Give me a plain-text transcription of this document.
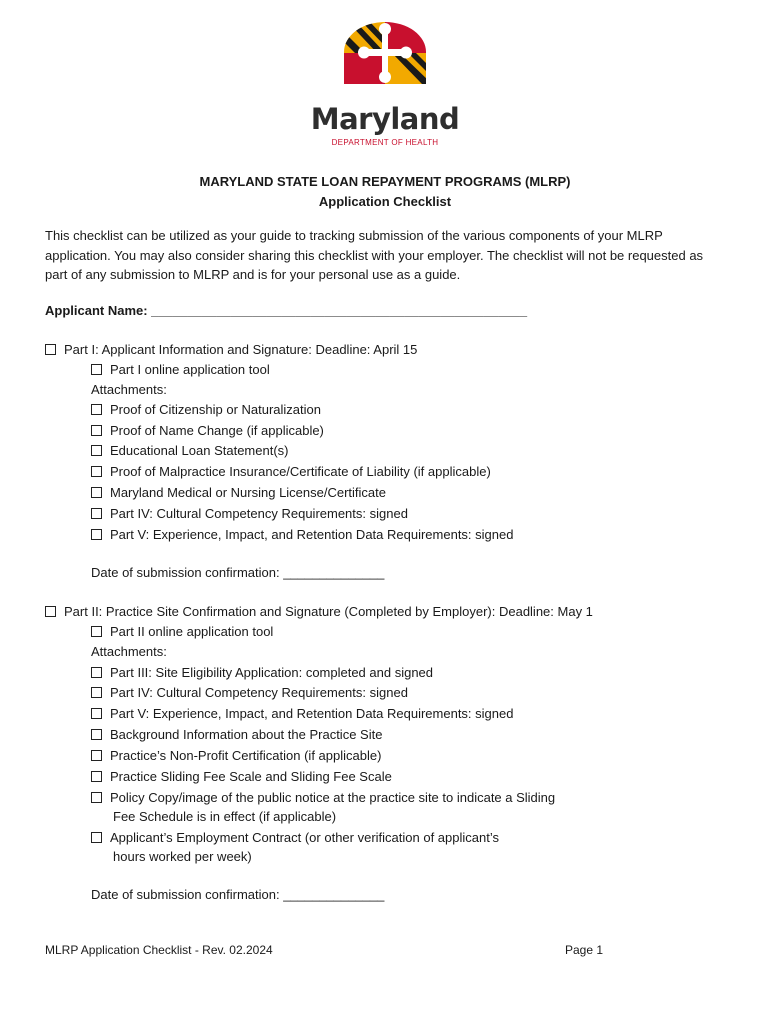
Maryland
DEPARTMENT OF HEALTH
MARYLAND STATE LOAN REPAYMENT PROGRAMS (MLRP)
Application Checklist
This checklist can be utilized as your guide to tracking submission of the various components of your MLRP application. You may also consider sharing this checklist with your employer. The checklist will not be requested as part of any submission to MLRP and is for your personal use as a guide.
Applicant Name: ____________________________________________________
Part I: Applicant Information and Signature: Deadline: April 15
Part I online application tool
Attachments:
Proof of Citizenship or Naturalization
Proof of Name Change (if applicable)
Educational Loan Statement(s)
Proof of Malpractice Insurance/Certificate of Liability (if applicable)
Maryland Medical or Nursing License/Certificate
Part IV: Cultural Competency Requirements: signed
Part V: Experience, Impact, and Retention Data Requirements: signed
Date of submission confirmation: ______________
Part II: Practice Site Confirmation and Signature (Completed by Employer): Deadline: May 1
Part II online application tool
Attachments:
Part III: Site Eligibility Application: completed and signed
Part IV: Cultural Competency Requirements: signed
Part V: Experience, Impact, and Retention Data Requirements: signed
Background Information about the Practice Site
Practice’s Non-Profit Certification (if applicable)
Practice Sliding Fee Scale and Sliding Fee Scale
Policy Copy/image of the public notice at the practice site to indicate a Sliding
Fee Schedule is in effect (if applicable)
Applicant’s Employment Contract (or other verification of applicant’s
hours worked per week)
Date of submission confirmation: ______________
MLRP Application Checklist - Rev. 02.2024	Page 1
